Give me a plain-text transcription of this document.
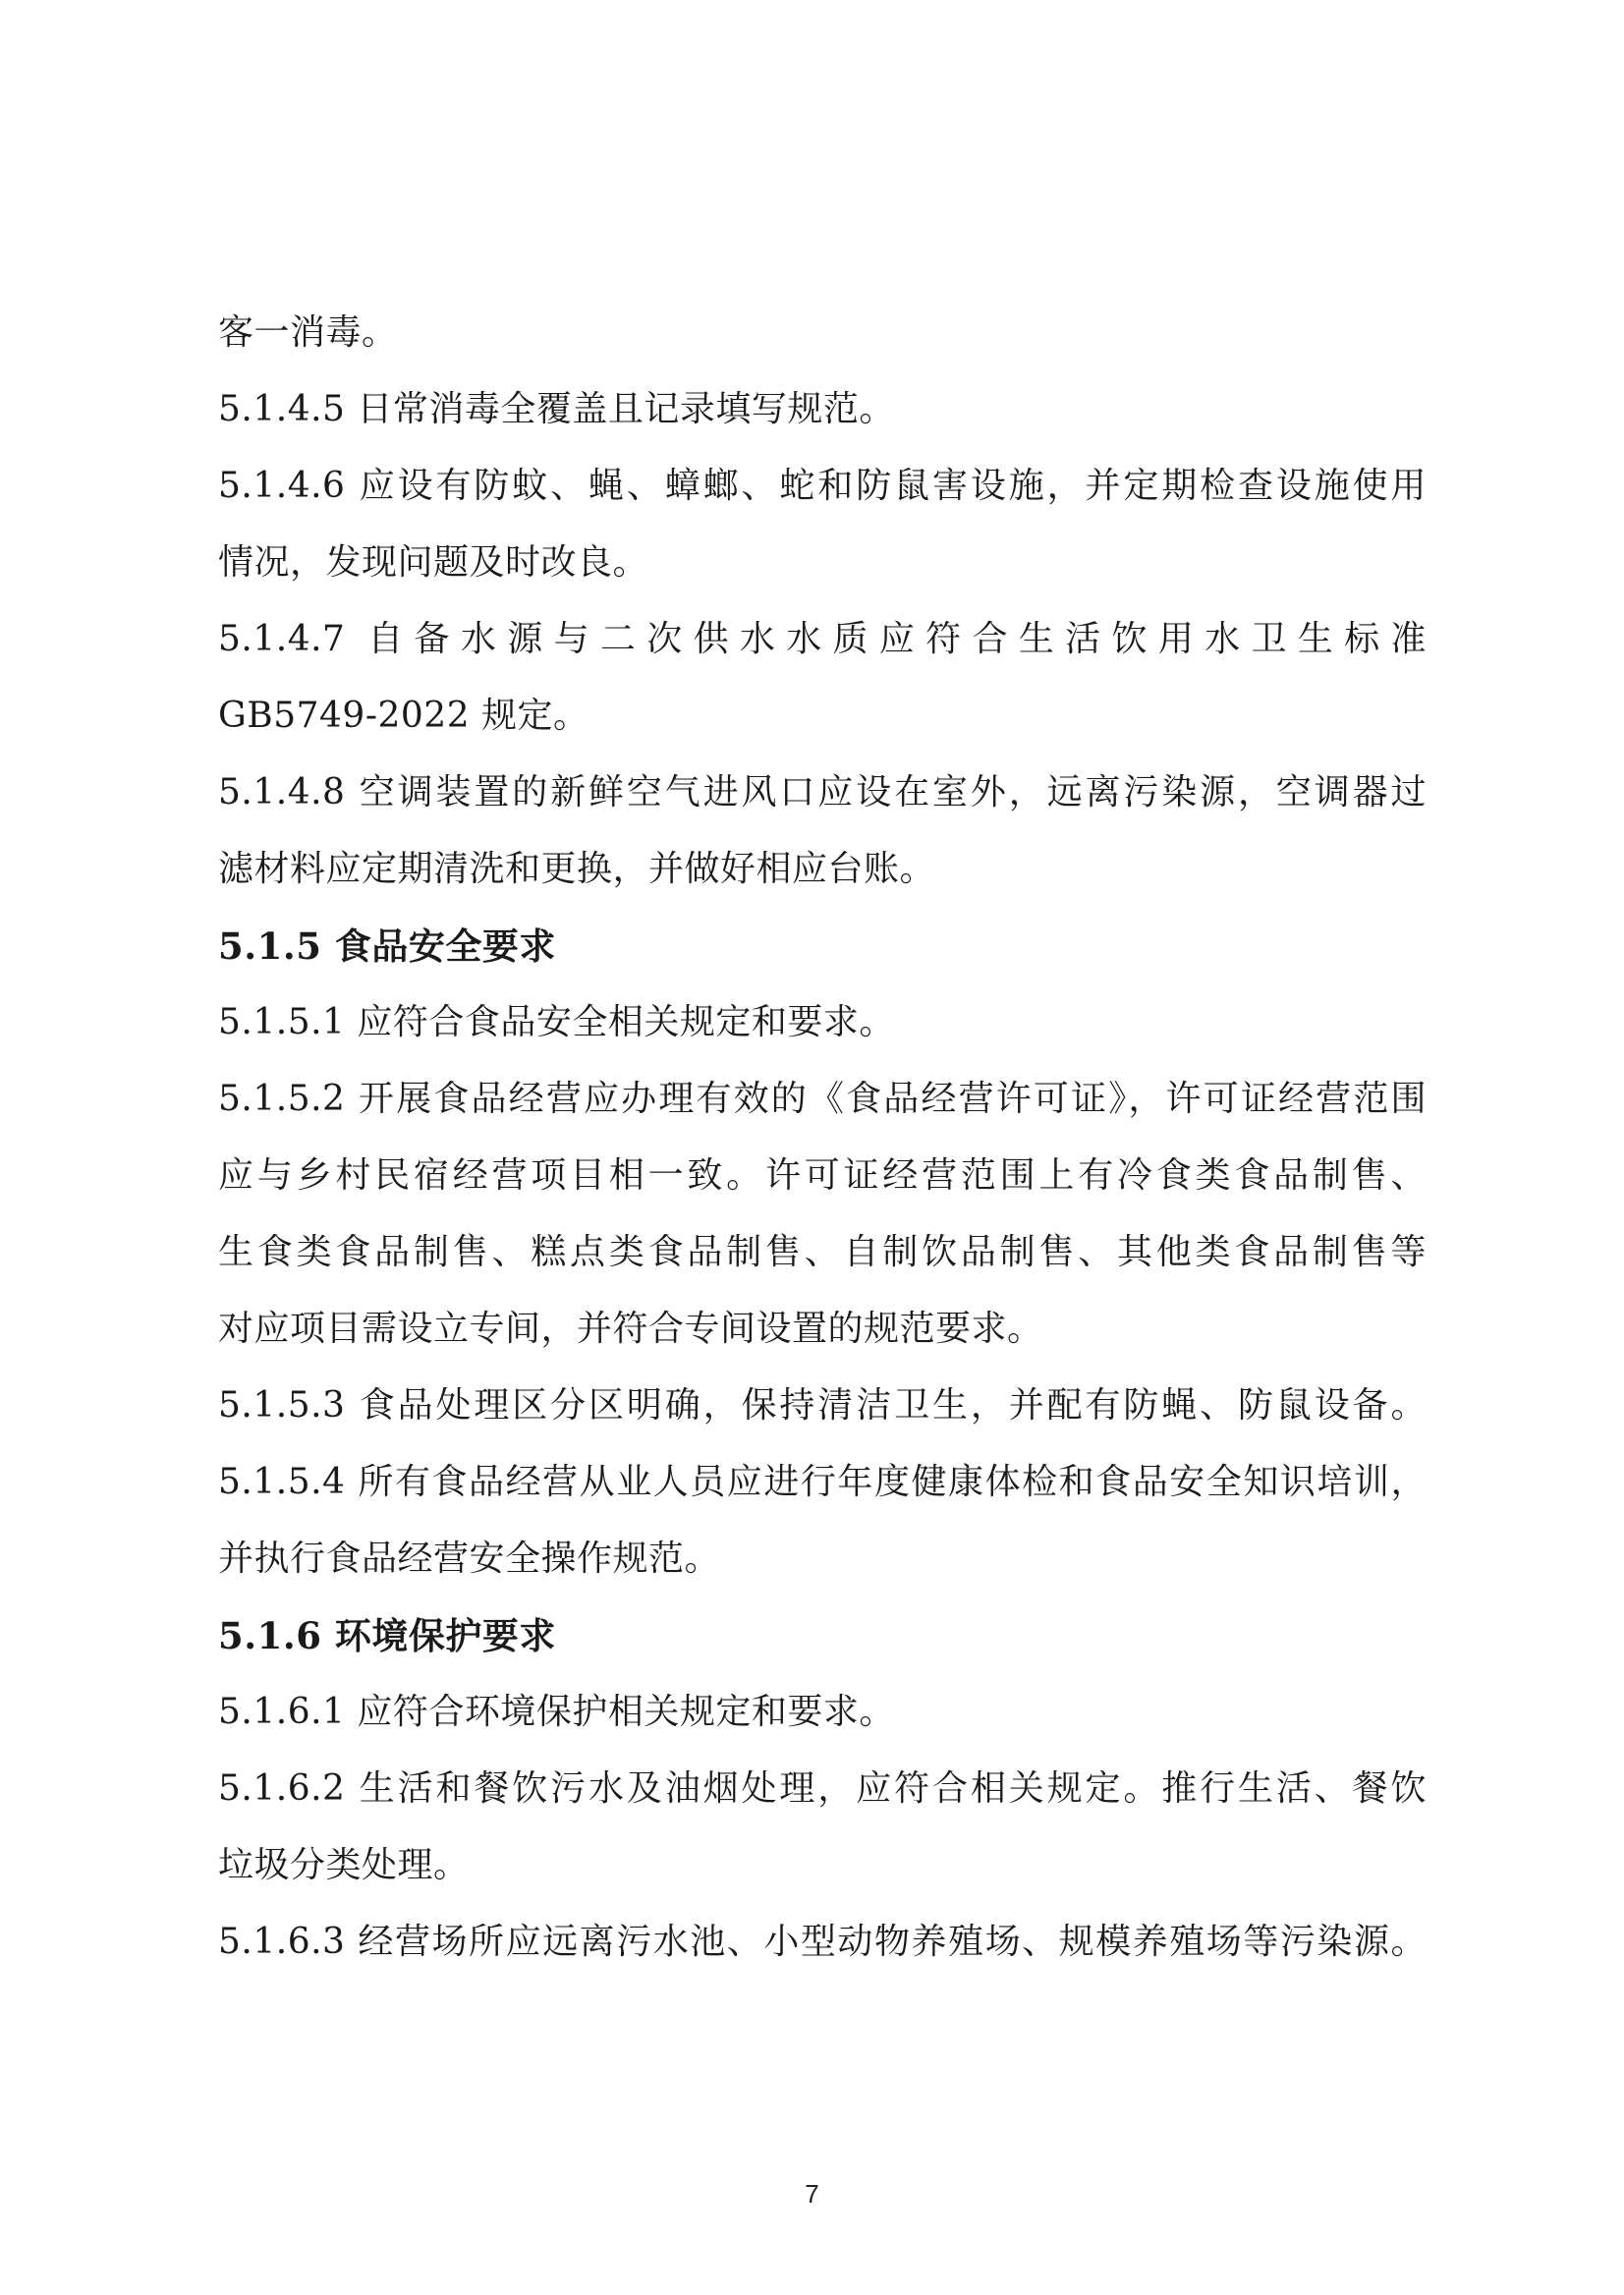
客一消毒。
5.1.4.5 日常消毒全覆盖且记录填写规范。
5.1.4.6 应设有防蚊、蝇、蟑螂、蛇和防鼠害设施，并定期检查设施使用
情况，发现问题及时改良。
5.1.4.7 自备水源与二次供水水质应符合生活饮用水卫生标准
GB5749-2022 规定。
5.1.4.8 空调装置的新鲜空气进风口应设在室外，远离污染源，空调器过
滤材料应定期清洗和更换，并做好相应台账。
5.1.5 食品安全要求
5.1.5.1 应符合食品安全相关规定和要求。
5.1.5.2 开展食品经营应办理有效的《食品经营许可证》，许可证经营范围
应与乡村民宿经营项目相一致。许可证经营范围上有冷食类食品制售、
生食类食品制售、糕点类食品制售、自制饮品制售、其他类食品制售等
对应项目需设立专间，并符合专间设置的规范要求。
5.1.5.3 食品处理区分区明确，保持清洁卫生，并配有防蝇、防鼠设备。
5.1.5.4 所有食品经营从业人员应进行年度健康体检和食品安全知识培训，
并执行食品经营安全操作规范。
5.1.6 环境保护要求
5.1.6.1 应符合环境保护相关规定和要求。
5.1.6.2 生活和餐饮污水及油烟处理，应符合相关规定。推行生活、餐饮
垃圾分类处理。
5.1.6.3 经营场所应远离污水池、小型动物养殖场、规模养殖场等污染源。
7
